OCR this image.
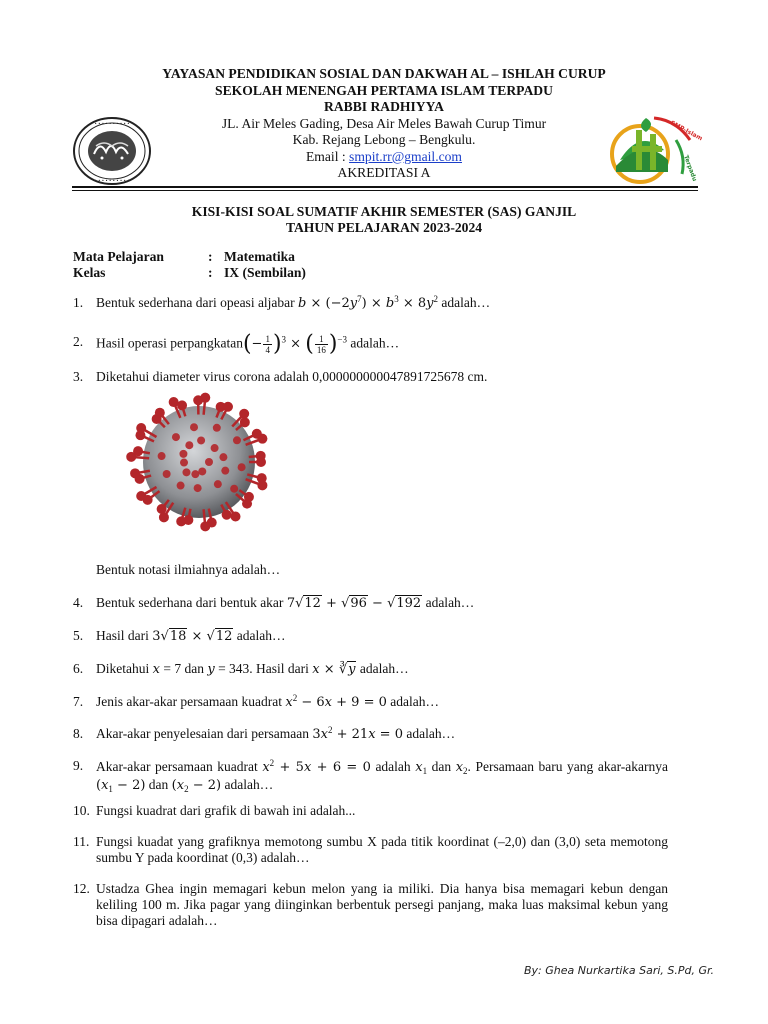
YAYASAN PENDIDIKAN SOSIAL DAN DAKWAH AL – ISHLAH CURUP
SEKOLAH MENENGAH PERTAMA ISLAM TERPADU
RABBI RADHIYYA
JL. Air Meles Gading, Desa Air Meles Bawah Curup Timur
Kab. Rejang Lebong – Bengkulu.
Email : smpit.rr@gmail.com
AKREDITASI A
• • • • • • • • • •
• • • • • • • • • •
SMP-Islam
Terpadu
KISI-KISI SOAL SUMATIF AKHIR SEMESTER (SAS) GANJIL
TAHUN PELAJARAN 2023-2024
Mata Pelajaran	: Matematika
Kelas	: IX (Sembilan)
1. Bentuk sederhana dari opeasi aljabar $b \times (-2y^7) \times b^3 \times 8y^2$ adalah…
2. Hasil operasi perpangkatan(− $\frac{1}{4} )^3$ × ( $\frac{1}{16} )^{-3}$ adalah…
3. Diketahui diameter virus corona adalah 0,000000000047891725678 cm.
Bentuk notasi ilmiahnya adalah…
4. Bentuk sederhana dari bentuk akar 7√12 + √96 − √192 adalah…
5. Hasil dari 3√18 × √12 adalah…
6. Diketahui x = 7 dan y = 343. Hasil dari x × ∛y adalah…
7. Jenis akar-akar persamaan kuadrat $x^2 - 6x + 9 = 0$ adalah…
8. Akar-akar penyelesaian dari persamaan $3x^2 + 21x = 0$ adalah…
9. Akar-akar persamaan kuadrat $x^2 + 5x + 6 = 0$ adalah $x_1$ dan $x_2$. Persamaan baru yang akar-akarnya $(x_1 - 2)$ dan $(x_2 - 2)$ adalah…
10. Fungsi kuadrat dari grafik di bawah ini adalah...
11. Fungsi kuadat yang grafiknya memotong sumbu X pada titik koordinat (–2,0) dan (3,0) seta memotong sumbu Y pada koordinat (0,3) adalah…
12. Ustadza Ghea ingin memagari kebun melon yang ia miliki. Dia hanya bisa memagari kebun dengan keliling 100 m. Jika pagar yang diinginkan berbentuk persegi panjang, maka luas maksimal kebun yang bisa dipagari adalah…
By: Ghea Nurkartika Sari, S.Pd, Gr.
